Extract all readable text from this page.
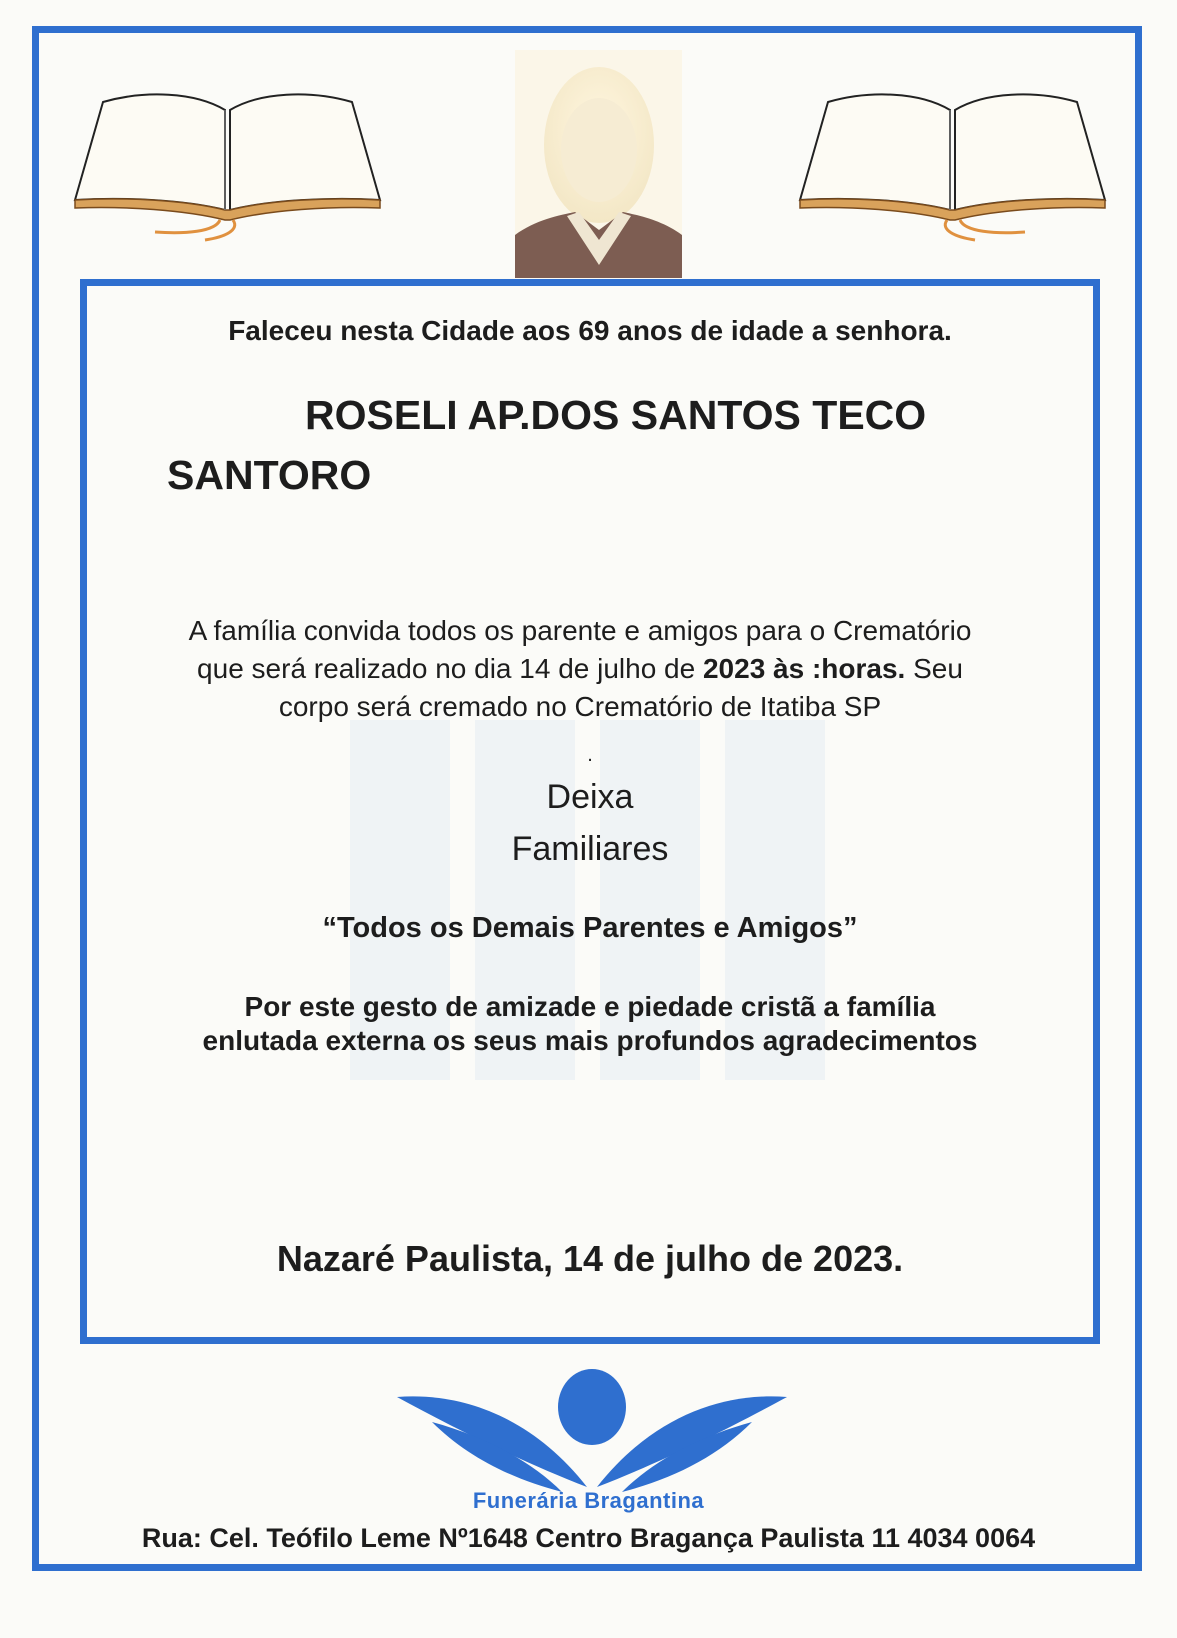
Faleceu nesta Cidade aos 69 anos de idade a senhora.
ROSELI AP.DOS SANTOS TECO
SANTORO
A família convida todos os parente e amigos para o Crematório que será realizado no dia 14 de julho de 2023 às :horas. Seu corpo será cremado no Crematório de Itatiba SP
.
Deixa
Familiares
“Todos os Demais Parentes e Amigos”
Por este gesto de amizade e piedade cristã a família
enlutada externa os seus mais profundos agradecimentos
Nazaré Paulista, 14 de julho de 2023.
Funerária Bragantina
Rua: Cel. Teófilo Leme Nº1648 Centro Bragança Paulista 11 4034 0064
